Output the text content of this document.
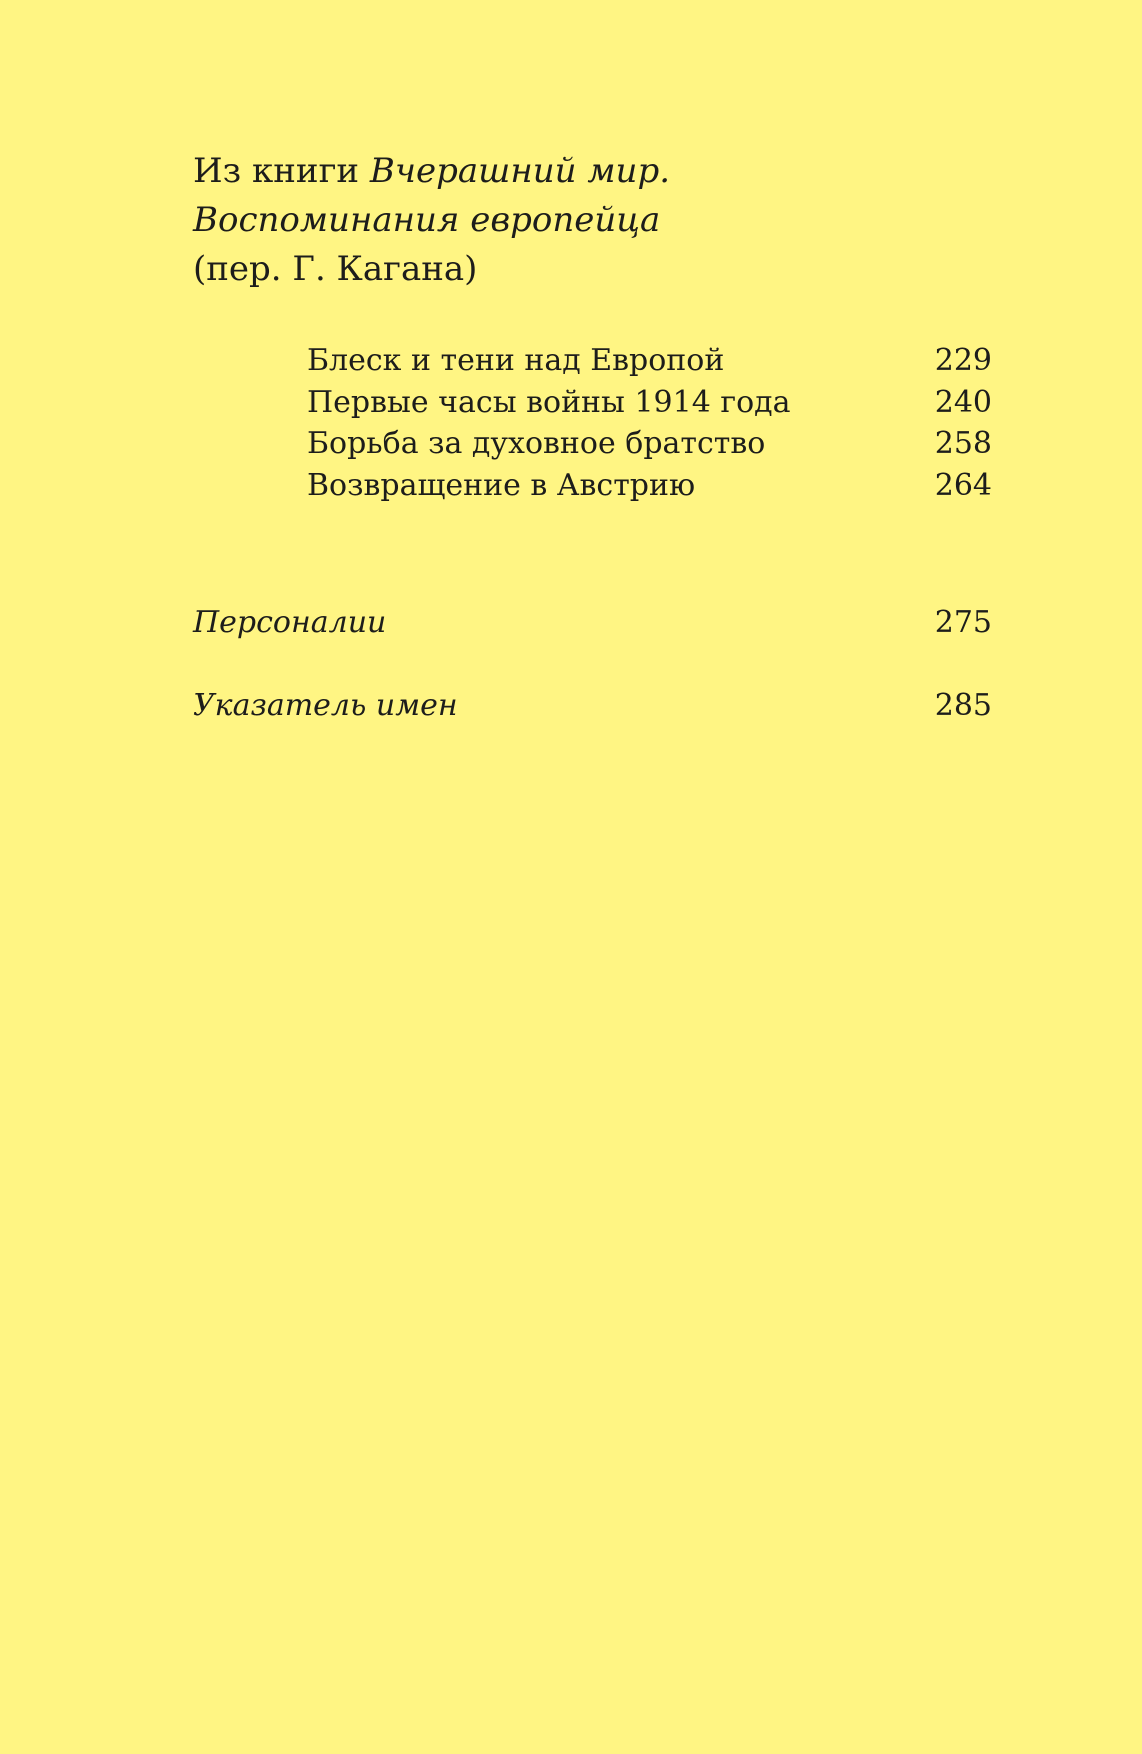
Из книги Вчерашний мир.
Воспоминания европейца
(пер. Г. Кагана)
Блеск и тени над Европой	229
Первые часы войны 1914 года	240
Борьба за духовное братство	258
Возвращение в Австрию	264
Персоналии	275
Указатель имен	285
